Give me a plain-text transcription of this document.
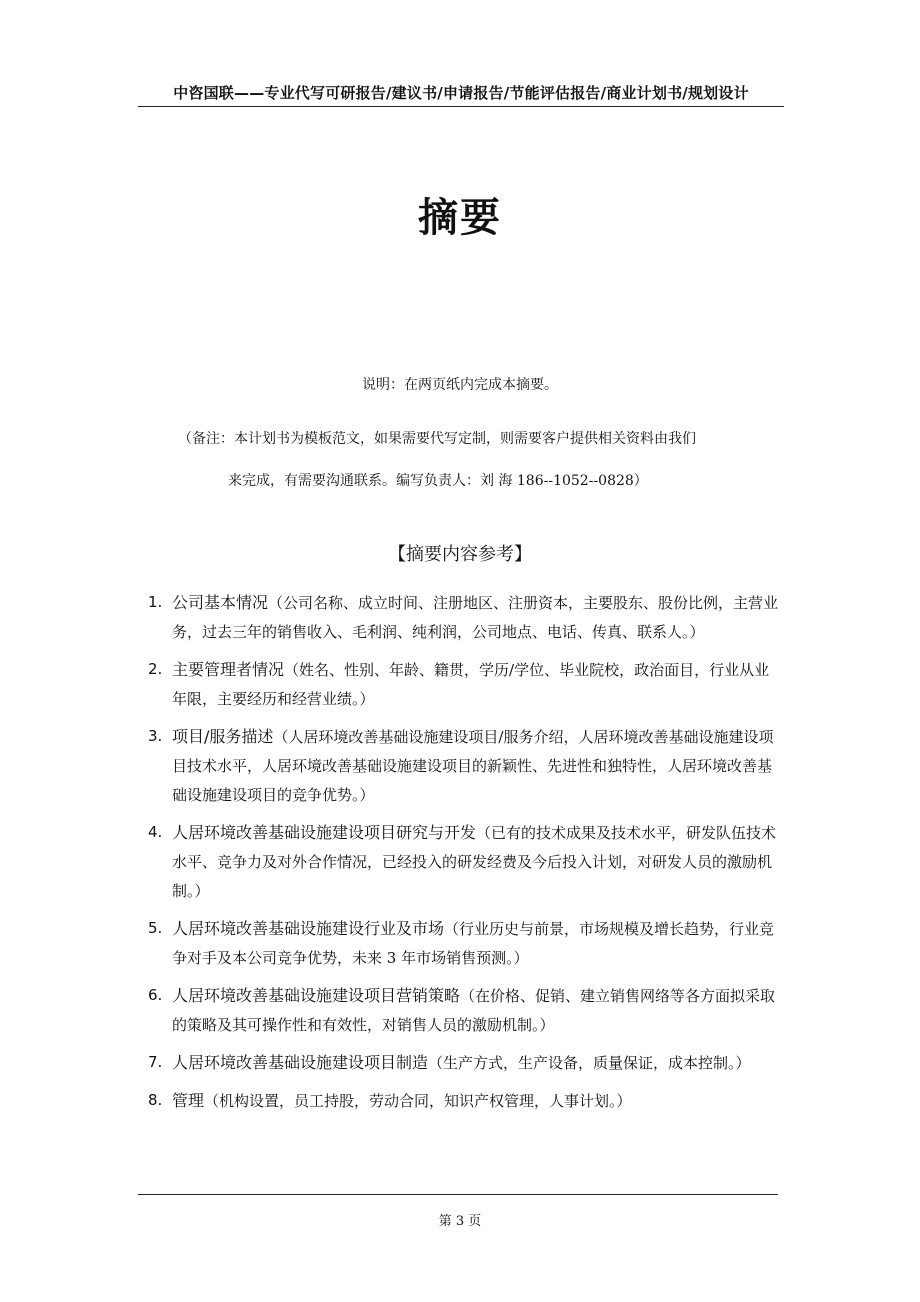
中咨国联——专业代写可研报告/建议书/申请报告/节能评估报告/商业计划书/规划设计
摘要
说明：在两页纸内完成本摘要。
（备注：本计划书为模板范文，如果需要代写定制，则需要客户提供相关资料由我们
来完成，有需要沟通联系。编写负责人：刘 海 186--1052--0828）
【摘要内容参考】
1. 公司基本情况（公司名称、成立时间、注册地区、注册资本，主要股东、股份比例，主营业务，过去三年的销售收入、毛利润、纯利润，公司地点、电话、传真、联系人。）
2. 主要管理者情况（姓名、性别、年龄、籍贯，学历/学位、毕业院校，政治面目，行业从业年限，主要经历和经营业绩。）
3. 项目/服务描述（人居环境改善基础设施建设项目/服务介绍，人居环境改善基础设施建设项目技术水平，人居环境改善基础设施建设项目的新颖性、先进性和独特性，人居环境改善基础设施建设项目的竞争优势。）
4. 人居环境改善基础设施建设项目研究与开发（已有的技术成果及技术水平，研发队伍技术水平、竞争力及对外合作情况，已经投入的研发经费及今后投入计划，对研发人员的激励机制。）
5. 人居环境改善基础设施建设行业及市场（行业历史与前景，市场规模及增长趋势，行业竞争对手及本公司竞争优势，未来 3 年市场销售预测。）
6. 人居环境改善基础设施建设项目营销策略（在价格、促销、建立销售网络等各方面拟采取的策略及其可操作性和有效性，对销售人员的激励机制。）
7. 人居环境改善基础设施建设项目制造（生产方式，生产设备，质量保证，成本控制。）
8. 管理（机构设置，员工持股，劳动合同，知识产权管理，人事计划。）
第 3 页
